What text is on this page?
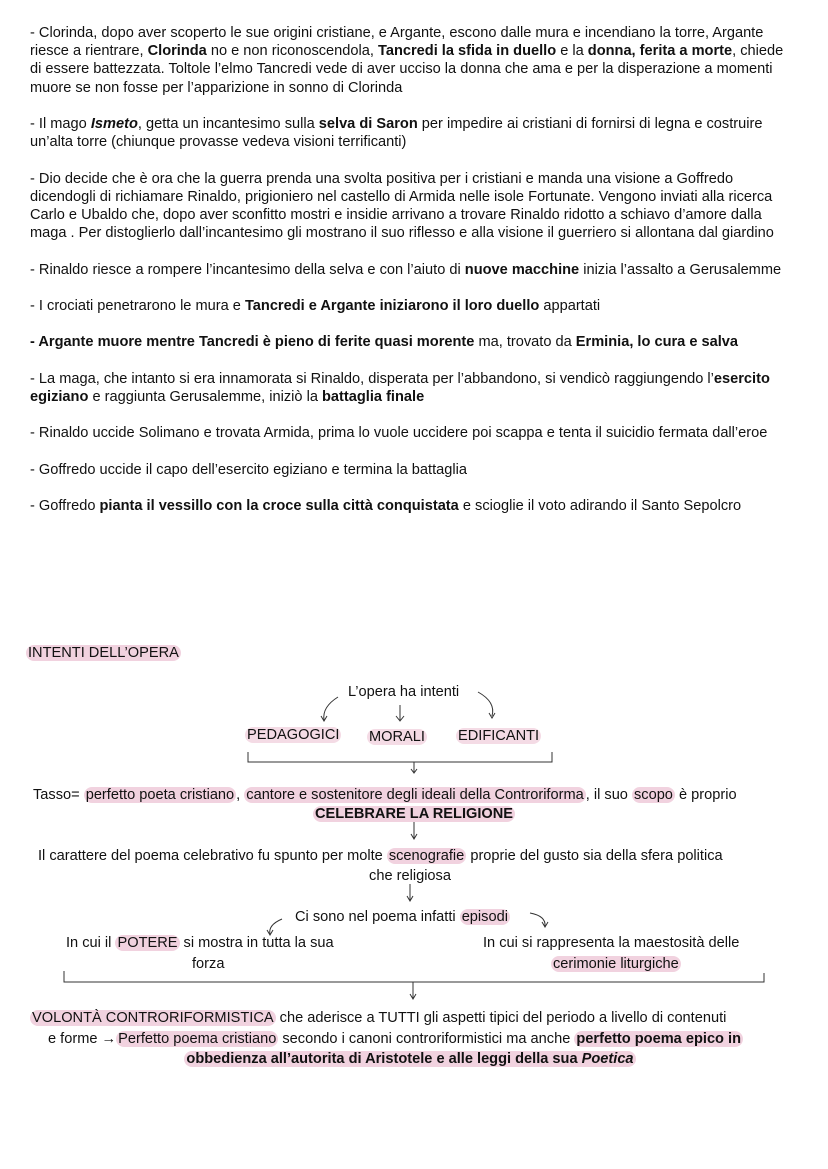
- Clorinda, dopo aver scoperto le sue origini cristiane, e Argante, escono dalle mura e incendiano la torre, Argante riesce a rientrare, Clorinda no e non riconoscendola, Tancredi la sfida in duello e la donna, ferita a morte, chiede di essere battezzata. Toltole l’elmo Tancredi vede di aver ucciso la donna che ama e per la disperazione a momenti muore se non fosse per l’apparizione in sonno di Clorinda

- Il mago Ismeto, getta un incantesimo sulla selva di Saron per impedire ai cristiani di fornirsi di legna e costruire un’alta torre (chiunque provasse vedeva visioni terrificanti)

- Dio decide che è ora che la guerra prenda una svolta positiva per i cristiani e manda una visione a Goffredo dicendogli di richiamare Rinaldo, prigioniero nel castello di Armida nelle isole Fortunate. Vengono inviati alla ricerca Carlo e Ubaldo che, dopo aver sconfitto mostri e insidie arrivano a trovare Rinaldo ridotto a schiavo d’amore dalla maga . Per distoglierlo dall’incantesimo gli mostrano il suo riflesso e alla visione il guerriero si allontana dal giardino

- Rinaldo riesce a rompere l’incantesimo della selva e con l’aiuto di nuove macchine inizia l’assalto a Gerusalemme

- I crociati penetrarono le mura e Tancredi e Argante iniziarono il loro duello appartati

- Argante muore mentre Tancredi è pieno di ferite quasi morente ma, trovato da Erminia, lo cura e salva

- La maga, che intanto si era innamorata si Rinaldo, disperata per l’abbandono, si vendicò raggiungendo l’esercito egiziano e raggiunta Gerusalemme, iniziò la battaglia finale

- Rinaldo uccide Solimano e trovata Armida, prima lo vuole uccidere poi scappa e tenta il suicidio fermata dall’eroe

- Goffredo uccide il capo dell’esercito egiziano e termina la battaglia

- Goffredo pianta il vessillo con la croce sulla città conquistata e scioglie il voto adirando il Santo Sepolcro

INTENTI DELL’OPERA
L’opera ha intenti
PEDAGOGICI MORALI EDIFICANTI
Tasso= perfetto poeta cristiano , cantore e sostenitore degli ideali della Controriforma , il suo scopo è proprio
CELEBRARE LA RELIGIONE
Il carattere del poema celebrativo fu spunto per molte scenografie proprie del gusto sia della sfera politica
che religiosa
Ci sono nel poema infatti episodi
In cui il POTERE si mostra in tutta la sua
forza
In cui si rappresenta la maestosità delle
cerimonie liturgiche
VOLONTÀ CONTRORIFORMISTICA che aderisce a TUTTI gli aspetti tipici del periodo a livello di contenuti
e forme → Perfetto poema cristiano secondo i canoni controriformistici ma anche perfetto poema epico in
obbedienza all’autorita di Aristotele e alle leggi della sua Poetica
